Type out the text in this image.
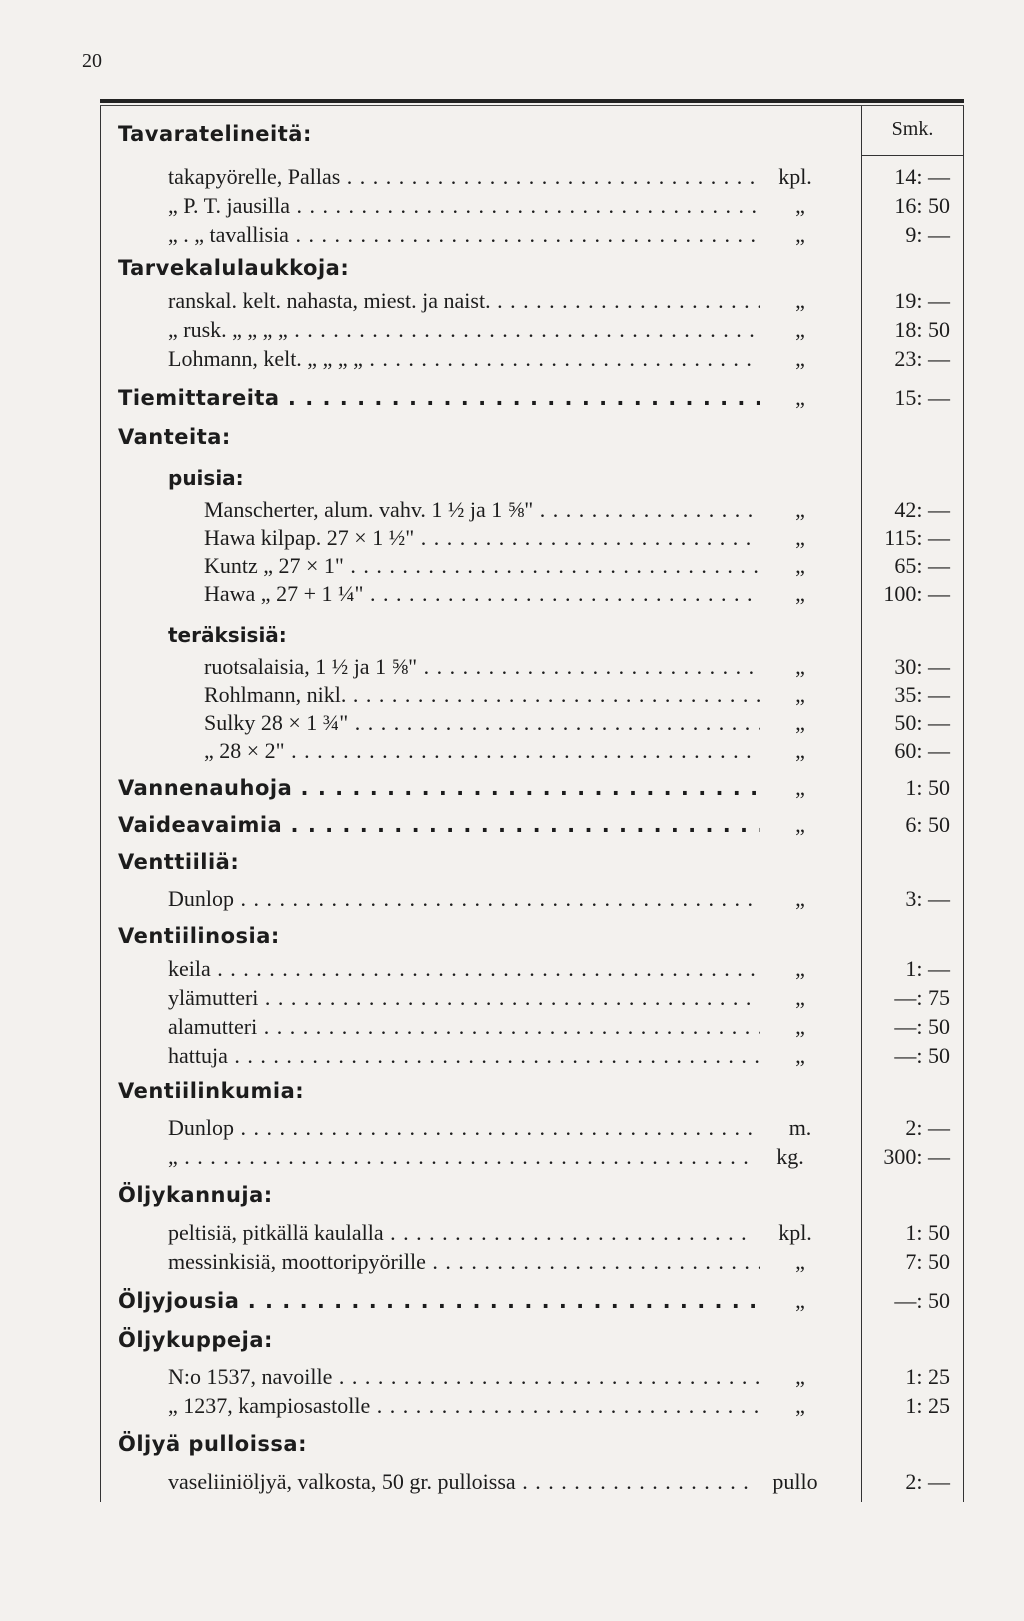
20
Smk.
Tavaratelineitä:
takapyörelle, Pallas . . .	kpl.	14: —
„ P. T. jausilla . . .	„	16: 50
„ . „ tavallisia . . .	„	9: —
Tarvekalulaukkoja:
ranskal. kelt. nahasta, miest. ja naist. . . .	„	19: —
„ rusk. „ „ „ „ . . .	„	18: 50
Lohmann, kelt. „ „ „ „ . . .	„	23: —
Tiemittareita . . .	„	15: —
Vanteita:
puisia:
Manscherter, alum. vahv. 1 ½ ja 1 ⅝" . . .	„	42: —
Hawa kilpap. 27 × 1 ½" . . .	„	115: —
Kuntz „ 27 × 1" . . .	„	65: —
Hawa „ 27 + 1 ¼" . . .	„	100: —
teräksisiä:
ruotsalaisia, 1 ½ ja 1 ⅝" . . .	„	30: —
Rohlmann, nikl. . . .	„	35: —
Sulky 28 × 1 ¾" . . .	„	50: —
„ 28 × 2" . . .	„	60: —
Vannenauhoja . . .	„	1: 50
Vaideavaimia . . .	„	6: 50
Venttiiliä:
Dunlop . . .	„	3: —
Ventiilinosia:
keila . . .	„	1: —
ylämutteri . . .	„	—: 75
alamutteri . . .	„	—: 50
hattuja . . .	„	—: 50
Ventiilinkumia:
Dunlop . . .	m.	2: —
„ . . .	kg.	300: —
Öljykannuja:
peltisiä, pitkällä kaulalla . . .	kpl.	1: 50
messinkisiä, moottoripyörille . . .	„	7: 50
Öljyjousia . . .	„	—: 50
Öljykuppeja:
N:o 1537, navoille . . .	„	1: 25
„ 1237, kampiosastolle . . .	„	1: 25
Öljyä pulloissa:
vaseliiniöljyä, valkosta, 50 gr. pulloissa . . .	pullo	2: —
